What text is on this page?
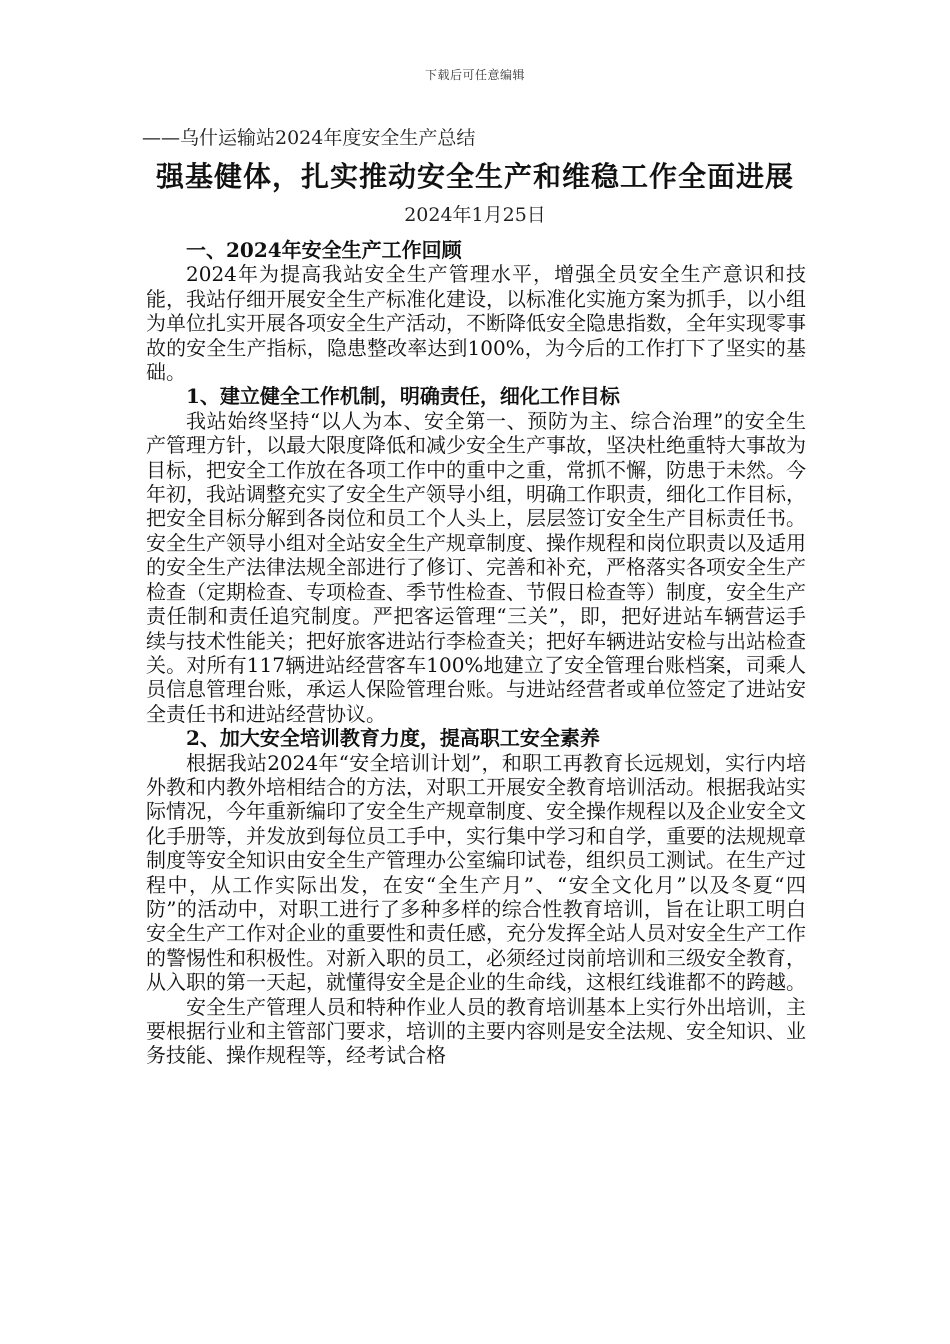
下载后可任意编辑
——乌什运输站2024年度安全生产总结
强基健体，扎实推动安全生产和维稳工作全面进展
2024年1月25日

一、2024年安全生产工作回顾

2024年为提高我站安全生产管理水平，增强全员安全生产意识和技能，我站仔细开展安全生产标准化建设，以标准化实施方案为抓手，以小组为单位扎实开展各项安全生产活动，不断降低安全隐患指数，全年实现零事故的安全生产指标，隐患整改率达到100%，为今后的工作打下了坚实的基础。

1、建立健全工作机制，明确责任，细化工作目标

我站始终坚持“以人为本、安全第一、预防为主、综合治理”的安全生产管理方针，以最大限度降低和减少安全生产事故，坚决杜绝重特大事故为目标，把安全工作放在各项工作中的重中之重，常抓不懈，防患于未然。今年初，我站调整充实了安全生产领导小组，明确工作职责，细化工作目标，把安全目标分解到各岗位和员工个人头上，层层签订安全生产目标责任书。安全生产领导小组对全站安全生产规章制度、操作规程和岗位职责以及适用的安全生产法律法规全部进行了修订、完善和补充，严格落实各项安全生产检查（定期检查、专项检查、季节性检查、节假日检查等）制度，安全生产责任制和责任追究制度。严把客运管理“三关”，即，把好进站车辆营运手续与技术性能关；把好旅客进站行李检查关；把好车辆进站安检与出站检查关。对所有117辆进站经营客车100%地建立了安全管理台账档案，司乘人员信息管理台账，承运人保险管理台账。与进站经营者或单位签定了进站安全责任书和进站经营协议。

2、加大安全培训教育力度，提高职工安全素养

根据我站2024年“安全培训计划”，和职工再教育长远规划，实行内培外教和内教外培相结合的方法，对职工开展安全教育培训活动。根据我站实际情况，今年重新编印了安全生产规章制度、安全操作规程以及企业安全文化手册等，并发放到每位员工手中，实行集中学习和自学，重要的法规规章制度等安全知识由安全生产管理办公室编印试卷，组织员工测试。在生产过程中，从工作实际出发，在安“全生产月”、“安全文化月”以及冬夏“四防”的活动中，对职工进行了多种多样的综合性教育培训，旨在让职工明白安全生产工作对企业的重要性和责任感，充分发挥全站人员对安全生产工作的警惕性和积极性。对新入职的员工，必须经过岗前培训和三级安全教育，从入职的第一天起，就懂得安全是企业的生命线，这根红线谁都不的跨越。

安全生产管理人员和特种作业人员的教育培训基本上实行外出培训，主要根据行业和主管部门要求，培训的主要内容则是安全法规、安全知识、业务技能、操作规程等，经考试合格
